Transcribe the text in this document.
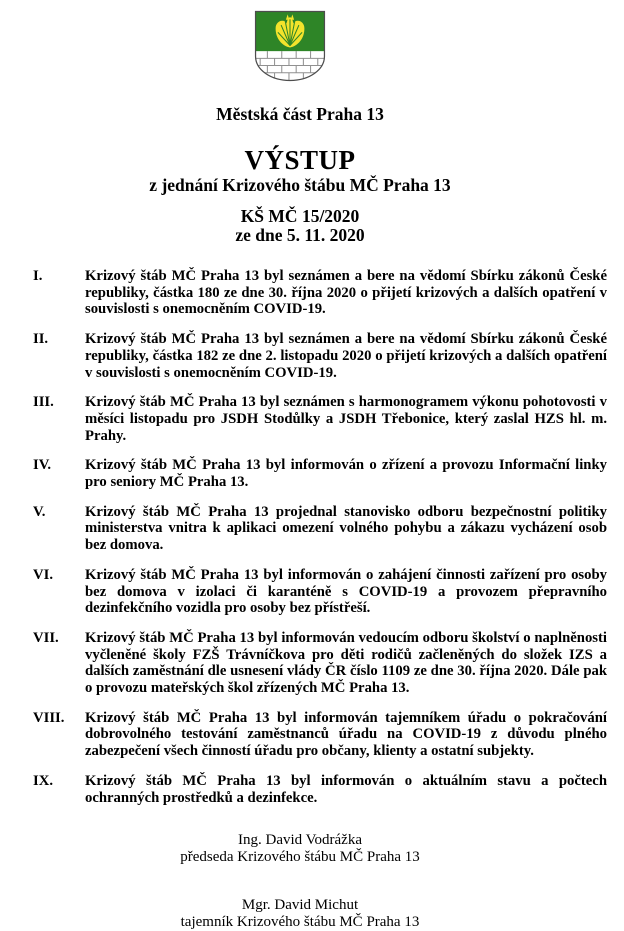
Městská část Praha 13
VÝSTUP
z jednání Krizového štábu MČ Praha 13
KŠ MČ 15/2020
ze dne 5. 11. 2020
I.	Krizový štáb MČ Praha 13 byl seznámen a bere na vědomí Sbírku zákonů České republiky, částka 180 ze dne 30. října 2020 o přijetí krizových a dalších opatření v souvislosti s onemocněním COVID-19.
II.	Krizový štáb MČ Praha 13 byl seznámen a bere na vědomí Sbírku zákonů České republiky, částka 182 ze dne 2. listopadu 2020 o přijetí krizových a dalších opatření v souvislosti s onemocněním COVID-19.
III.	Krizový štáb MČ Praha 13 byl seznámen s harmonogramem výkonu pohotovosti v měsíci listopadu pro JSDH Stodůlky a JSDH Třebonice, který zaslal HZS hl. m. Prahy.
IV.	Krizový štáb MČ Praha 13 byl informován o zřízení a provozu Informační linky pro seniory MČ Praha 13.
V.	Krizový štáb MČ Praha 13 projednal stanovisko odboru bezpečnostní politiky ministerstva vnitra k aplikaci omezení volného pohybu a zákazu vycházení osob bez domova.
VI.	Krizový štáb MČ Praha 13 byl informován o zahájení činnosti zařízení pro osoby bez domova v izolaci či karanténě s COVID-19 a provozem přepravního dezinfekčního vozidla pro osoby bez přístřeší.
VII.	Krizový štáb MČ Praha 13 byl informován vedoucím odboru školství o naplněnosti vyčleněné školy FZŠ Trávníčkova pro děti rodičů začleněných do složek IZS a dalších zaměstnání dle usnesení vlády ČR číslo 1109 ze dne 30. října 2020. Dále pak o provozu mateřských škol zřízených MČ Praha 13.
VIII.	Krizový štáb MČ Praha 13 byl informován tajemníkem úřadu o pokračování dobrovolného testování zaměstnanců úřadu na COVID-19 z důvodu plného zabezpečení všech činností úřadu pro občany, klienty a ostatní subjekty.
IX.	Krizový štáb MČ Praha 13 byl informován o aktuálním stavu a počtech ochranných prostředků a dezinfekce.
Ing. David Vodrážka
předseda Krizového štábu MČ Praha 13
Mgr. David Michut
tajemník Krizového štábu MČ Praha 13
